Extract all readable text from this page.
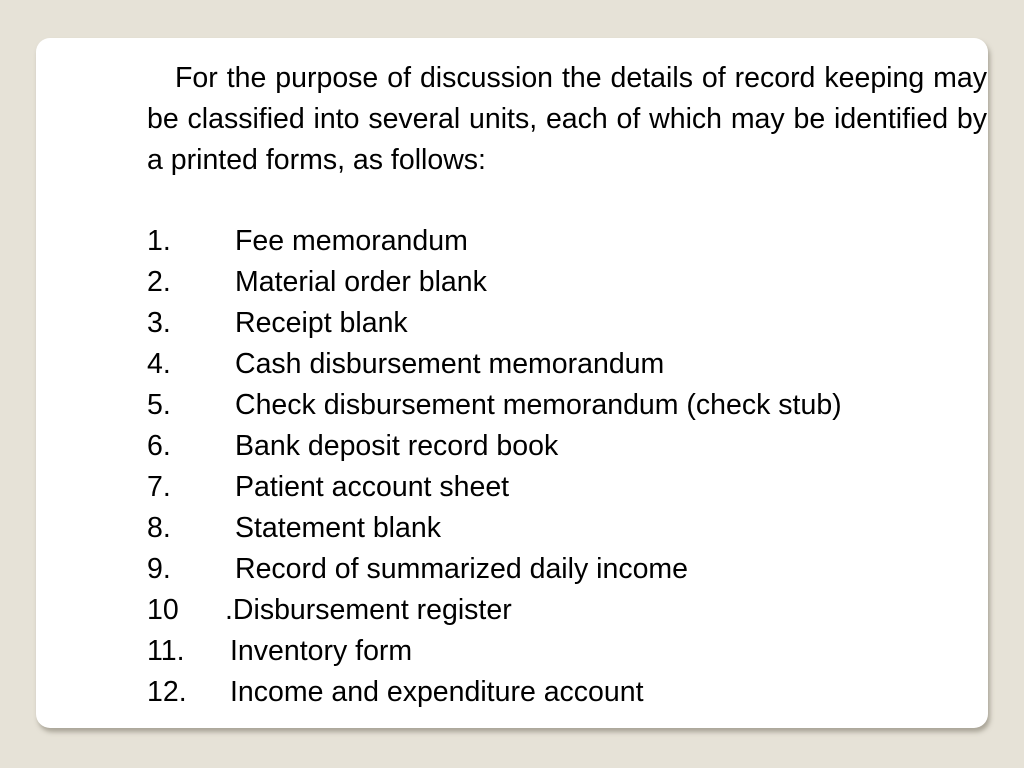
For the purpose of discussion the details of record keeping may be classified into several units, each of which may be identified by a printed forms, as follows:

1. Fee memorandum
2. Material order blank
3. Receipt blank
4. Cash disbursement memorandum
5. Check disbursement memorandum (check stub)
6. Bank deposit record book
7. Patient account sheet
8. Statement blank
9. Record of summarized daily income
10 .Disbursement register
11. Inventory form
12. Income and expenditure account
